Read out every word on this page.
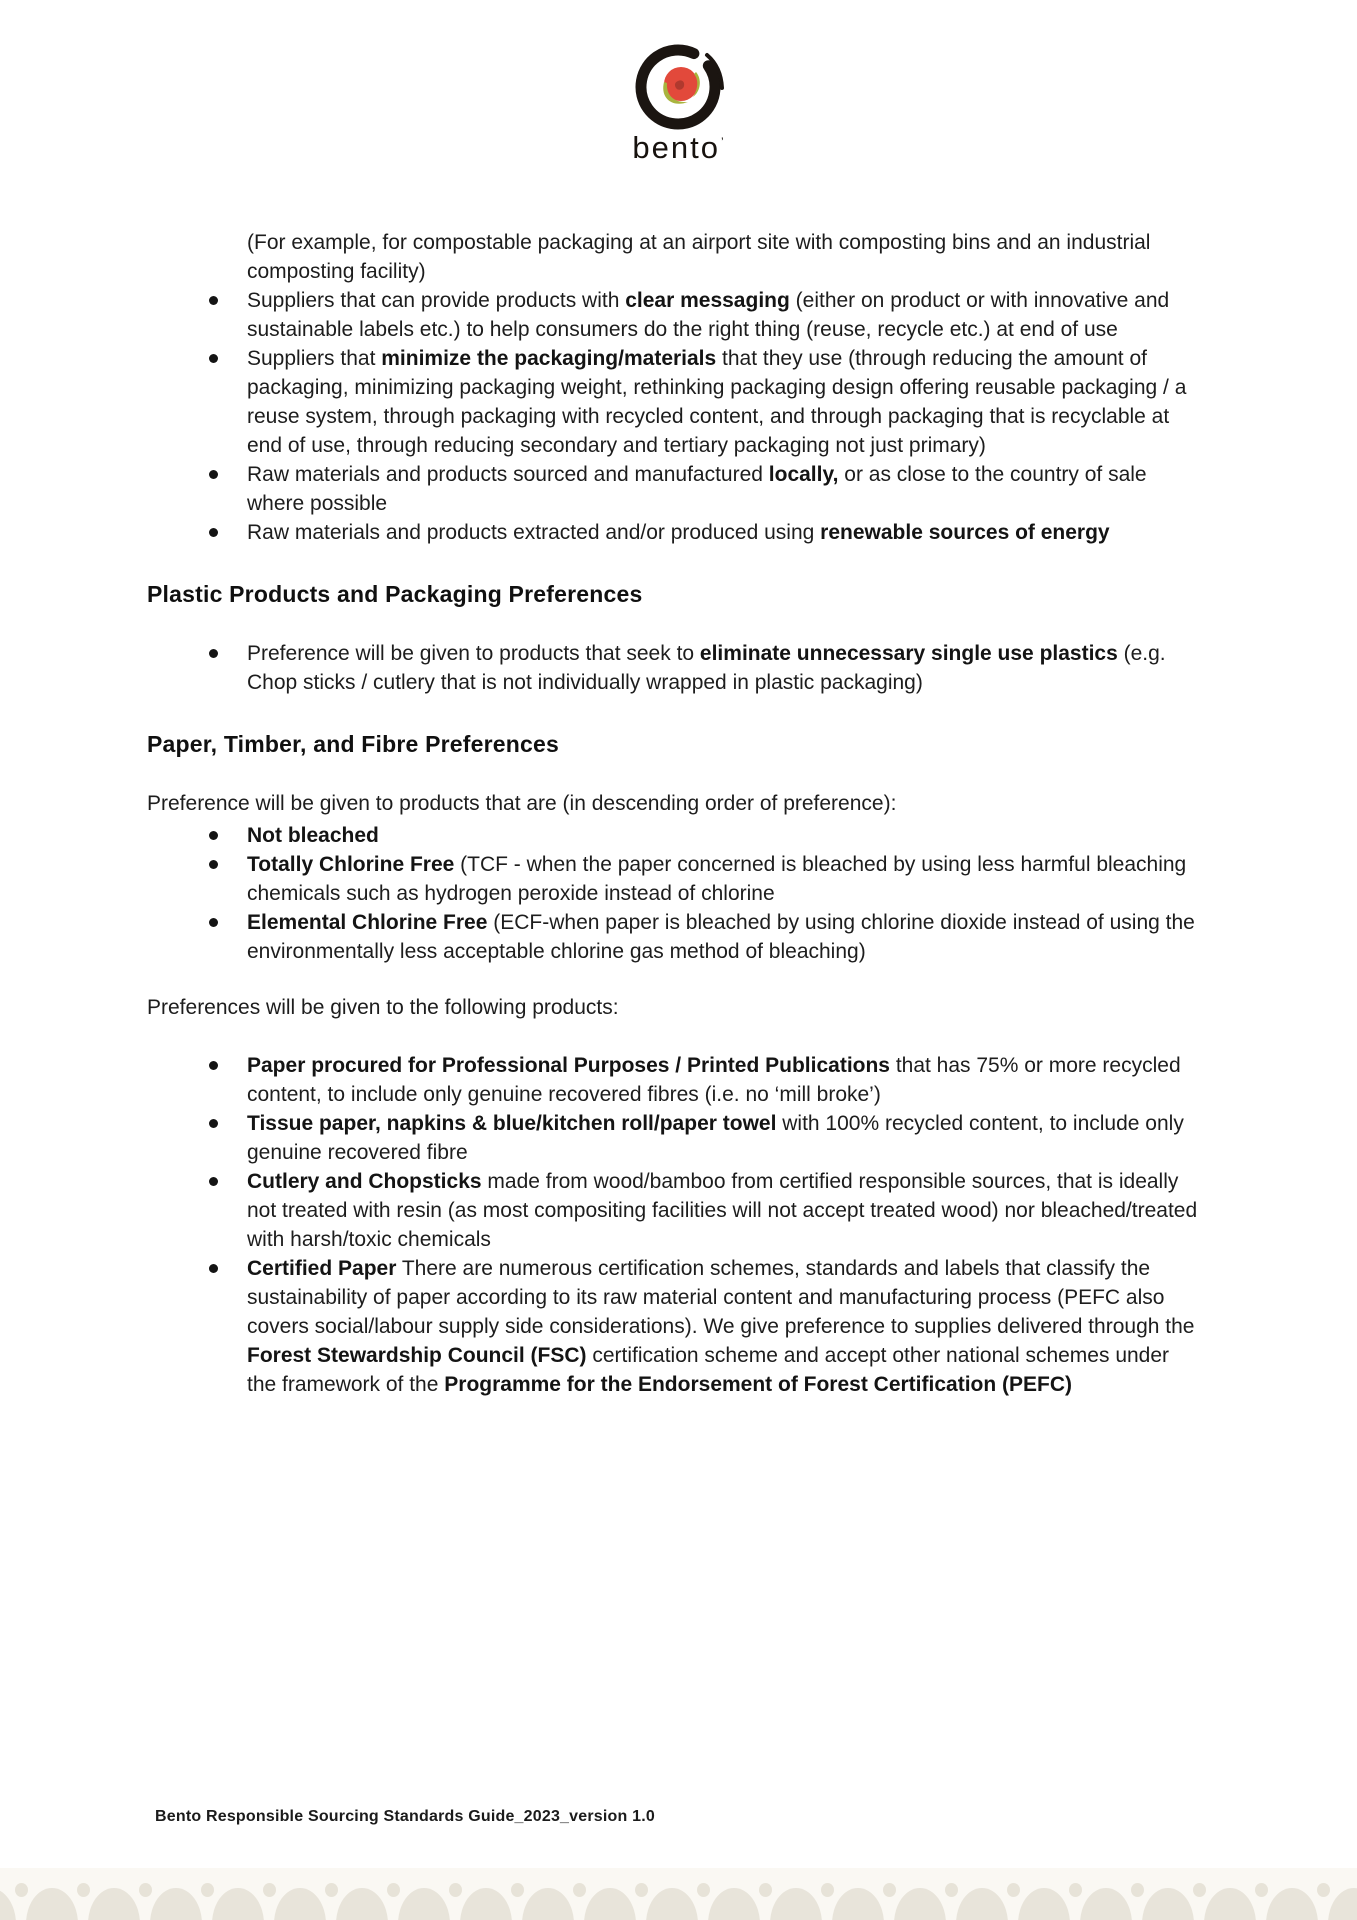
bento’

(For example, for compostable packaging at an airport site with composting bins and an industrial composting facility)

Suppliers that can provide products with clear messaging (either on product or with innovative and sustainable labels etc.) to help consumers do the right thing (reuse, recycle etc.) at end of use
Suppliers that minimize the packaging/materials that they use (through reducing the amount of packaging, minimizing packaging weight, rethinking packaging design offering reusable packaging / a reuse system, through packaging with recycled content, and through packaging that is recyclable at end of use, through reducing secondary and tertiary packaging not just primary)
Raw materials and products sourced and manufactured locally, or as close to the country of sale where possible
Raw materials and products extracted and/or produced using renewable sources of energy
Plastic Products and Packaging Preferences
Preference will be given to products that seek to eliminate unnecessary single use plastics (e.g. Chop sticks / cutlery that is not individually wrapped in plastic packaging)
Paper, Timber, and Fibre Preferences

Preference will be given to products that are (in descending order of preference):

Not bleached
Totally Chlorine Free (TCF - when the paper concerned is bleached by using less harmful bleaching chemicals such as hydrogen peroxide instead of chlorine
Elemental Chlorine Free (ECF-when paper is bleached by using chlorine dioxide instead of using the environmentally less acceptable chlorine gas method of bleaching)

Preferences will be given to the following products:

Paper procured for Professional Purposes / Printed Publications that has 75% or more recycled content, to include only genuine recovered fibres (i.e. no ‘mill broke’)
Tissue paper, napkins & blue/kitchen roll/paper towel with 100% recycled content, to include only genuine recovered fibre
Cutlery and Chopsticks made from wood/bamboo from certified responsible sources, that is ideally not treated with resin (as most compositing facilities will not accept treated wood) nor bleached/treated with harsh/toxic chemicals
Certified Paper There are numerous certification schemes, standards and labels that classify the sustainability of paper according to its raw material content and manufacturing process (PEFC also covers social/labour supply side considerations). We give preference to supplies delivered through the Forest Stewardship Council (FSC) certification scheme and accept other national schemes under the framework of the Programme for the Endorsement of Forest Certification (PEFC)
Bento Responsible Sourcing Standards Guide_2023_version 1.0
